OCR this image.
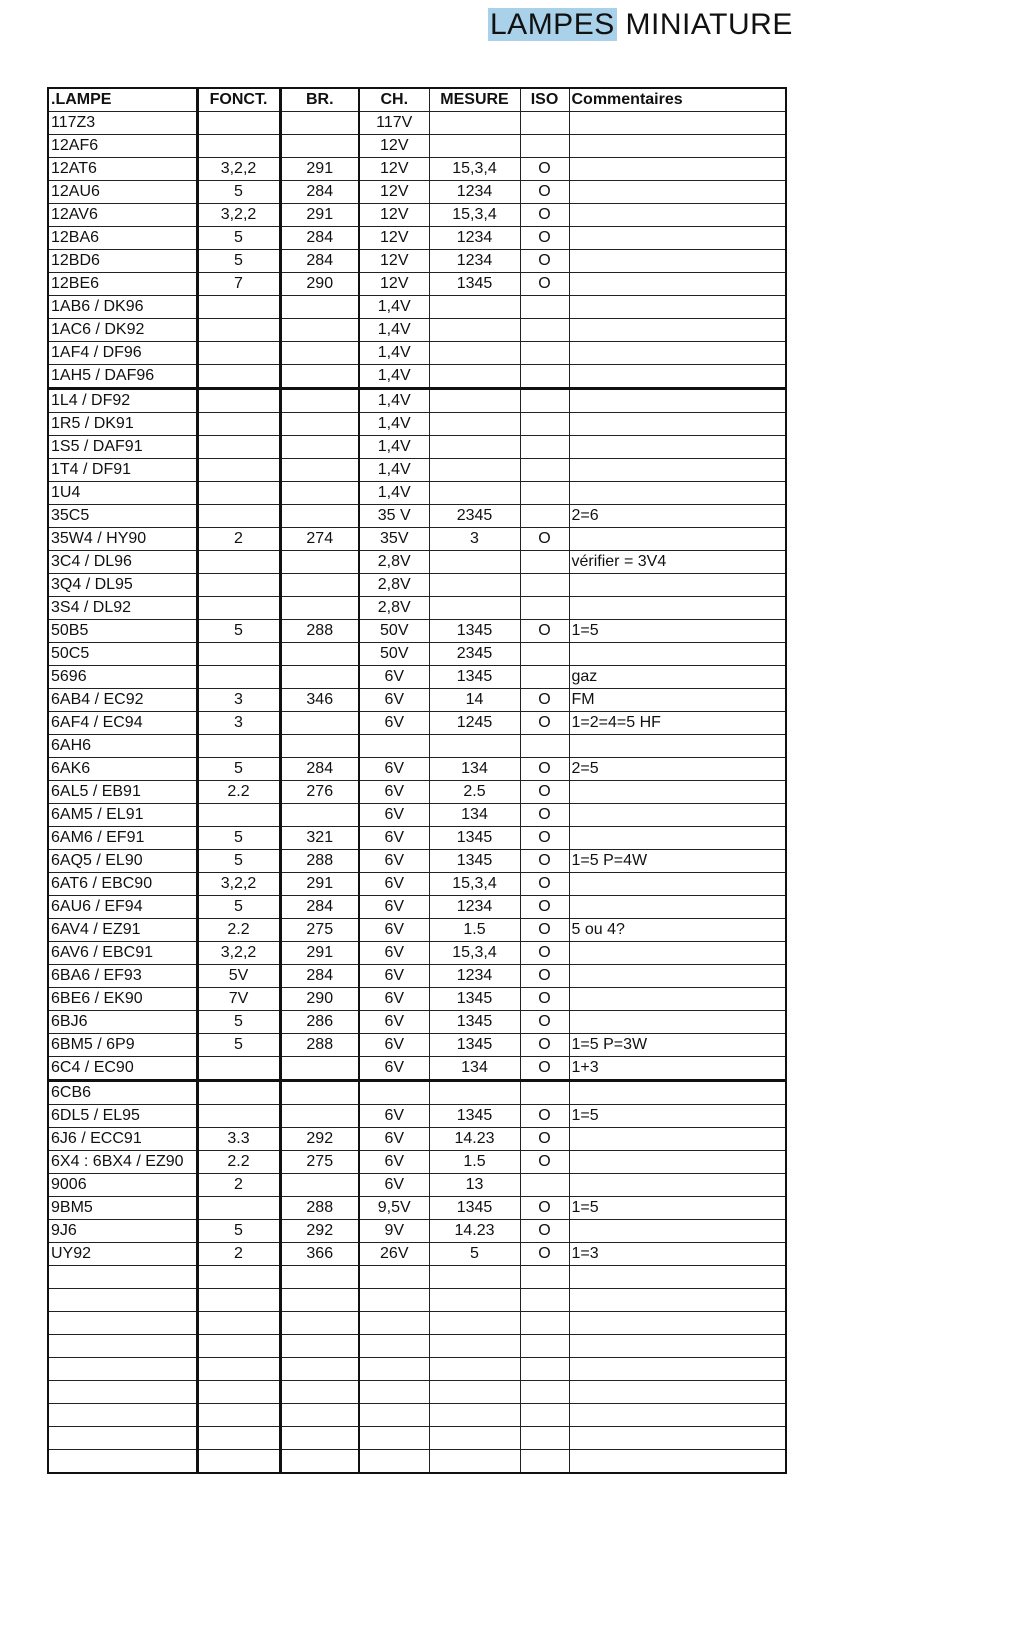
LAMPES MINIATURE
.LAMPE	FONCT.	BR.	CH.	MESURE	ISO	Commentaires
117Z3			117V			
12AF6			12V			
12AT6	3,2,2	291	12V	15,3,4	O	
12AU6	5	284	12V	1234	O	
12AV6	3,2,2	291	12V	15,3,4	O	
12BA6	5	284	12V	1234	O	
12BD6	5	284	12V	1234	O	
12BE6	7	290	12V	1345	O	
1AB6 / DK96			1,4V			
1AC6 / DK92			1,4V			
1AF4 / DF96			1,4V			
1AH5 / DAF96			1,4V			
1L4 / DF92			1,4V			
1R5 / DK91			1,4V			
1S5 / DAF91			1,4V			
1T4 / DF91			1,4V			
1U4			1,4V			
35C5			35 V	2345		2=6
35W4 / HY90	2	274	35V	3	O	
3C4 / DL96			2,8V			vérifier = 3V4
3Q4 / DL95			2,8V			
3S4 / DL92			2,8V			
50B5	5	288	50V	1345	O	1=5
50C5			50V	2345		
5696			6V	1345		gaz
6AB4 / EC92	3	346	6V	14	O	FM
6AF4 / EC94	3		6V	1245	O	1=2=4=5 HF
6AH6						
6AK6	5	284	6V	134	O	2=5
6AL5 / EB91	2.2	276	6V	2.5	O	
6AM5 / EL91			6V	134	O	
6AM6 / EF91	5	321	6V	1345	O	
6AQ5 / EL90	5	288	6V	1345	O	1=5 P=4W
6AT6 / EBC90	3,2,2	291	6V	15,3,4	O	
6AU6 / EF94	5	284	6V	1234	O	
6AV4 / EZ91	2.2	275	6V	1.5	O	5 ou 4?
6AV6 / EBC91	3,2,2	291	6V	15,3,4	O	
6BA6 / EF93	5V	284	6V	1234	O	
6BE6 / EK90	7V	290	6V	1345	O	
6BJ6	5	286	6V	1345	O	
6BM5 / 6P9	5	288	6V	1345	O	1=5 P=3W
6C4 / EC90			6V	134	O	1+3
6CB6						
6DL5 / EL95			6V	1345	O	1=5
6J6 / ECC91	3.3	292	6V	14.23	O	
6X4 : 6BX4 / EZ90	2.2	275	6V	1.5	O	
9006	2		6V	13		
9BM5		288	9,5V	1345	O	1=5
9J6	5	292	9V	14.23	O	
UY92	2	366	26V	5	O	1=3
